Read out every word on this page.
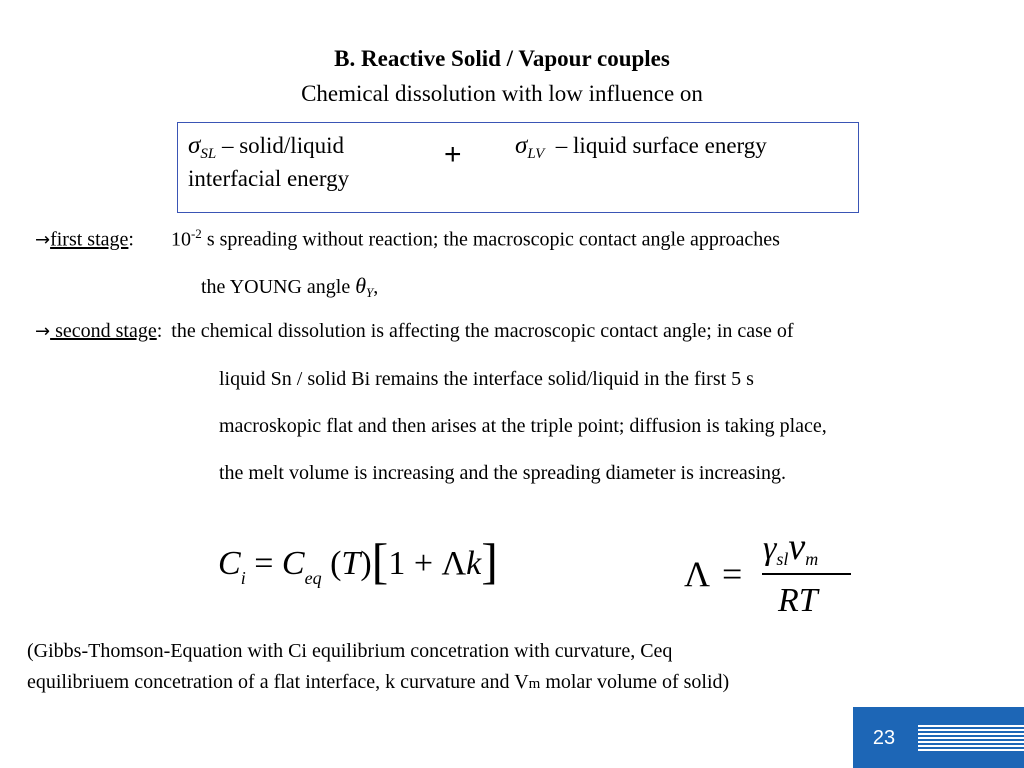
B. Reactive Solid / Vapour couples
Chemical dissolution with low influence on
$\sigma_{SL}$ – solid/liquid
interfacial energy
+ $\sigma_{LV}$  – liquid surface energy
→first stage: $10^{-2}$ s spreading without reaction; the macroscopic contact angle approaches
the YOUNG angle $\theta_Y$,
→ second stage: the chemical dissolution is affecting the macroscopic contact angle; in case of
liquid Sn / solid Bi remains the interface solid/liquid in the first 5 s
macroskopic flat and then arises at the triple point; diffusion is taking place,
the melt volume is increasing and the spreading diameter is increasing.
$C_i = C_{eq}$ (T)[1 + Λk]	Λ =
γslvm
RT
(Gibbs-Thomson-Equation with Ci equilibrium concetration with curvature, Ceq
equilibriuem concetration of a flat interface, k curvature and Vm molar volume of solid)
23
